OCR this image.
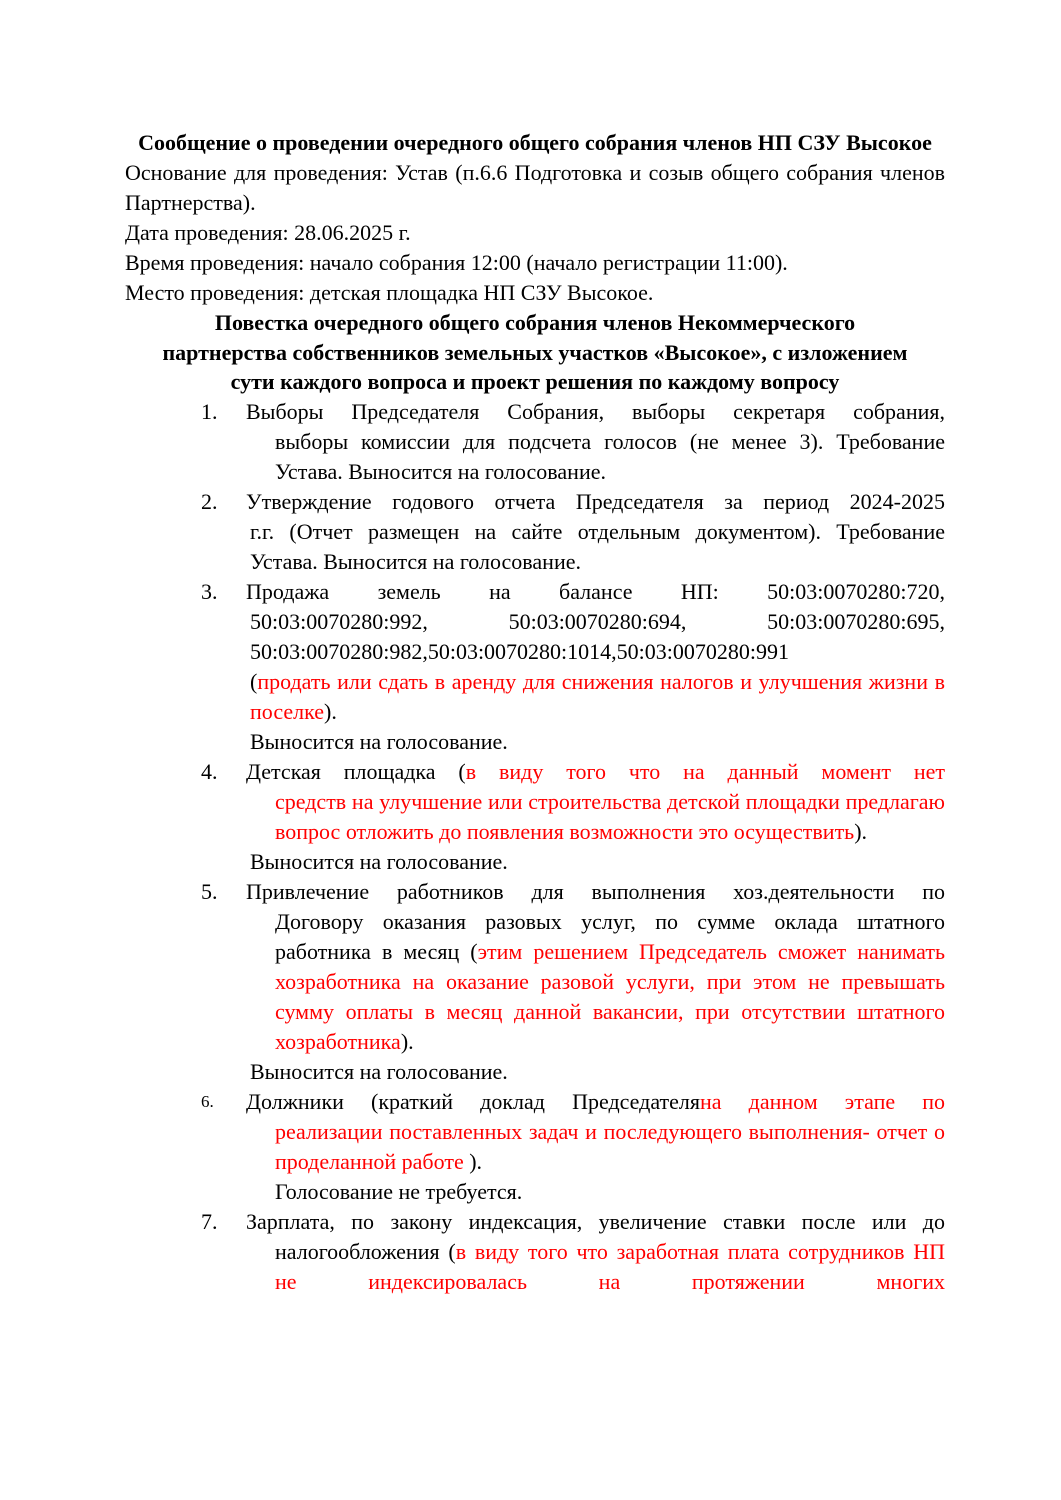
Сообщение о проведении очередного общего собрания членов НП СЗУ Высокое

Основание для проведения: Устав (п.6.6 Подготовка и созыв общего собрания членов Партнерства).

Дата проведения: 28.06.2025 г.

Время проведения: начало собрания 12:00 (начало регистрации 11:00).

Место проведения: детская площадка НП СЗУ Высокое.

Повестка очередного общего собрания членов Некоммерческого партнерства собственников земельных участков «Высокое», с изложением сути каждого вопроса и проект решения по каждому вопросу

1. Выборы Председателя Собрания, выборы секретаря собрания,
выборы комиссии для подсчета голосов (не менее 3). Требование Устава. Выносится на голосование.
2. Утверждение годового отчета Председателя за период 2024-2025
г.г. (Отчет размещен на сайте отдельным документом). Требование Устава. Выносится на голосование.
3. Продажа земель на балансе НП: 50:03:0070280:720,
50:03:0070280:992, 50:03:0070280:694, 50:03:0070280:695,
50:03:0070280:982,50:03:0070280:1014,50:03:0070280:991
(продать или сдать в аренду для снижения налогов и улучшения жизни в поселке).
Выносится на голосование.
4. Детская площадка (в виду того что на данный момент нет
средств на улучшение или строительства детской площадки предлагаю вопрос отложить до появления возможности это осуществить).
Выносится на голосование.
5. Привлечение работников для выполнения хоз.деятельности по
Договору оказания разовых услуг, по сумме оклада штатного работника в месяц (этим решением Председатель сможет нанимать хозработника на оказание разовой услуги, при этом не превышать сумму оплаты в месяц данной вакансии, при отсутствии штатного хозработника).
Выносится на голосование.
6. Должники (краткий доклад Председателяна данном этапе по
реализации поставленных задач и последующего выполнения- отчет о проделанной работе ).
Голосование не требуется.
7. Зарплата, по закону индексация, увеличение ставки после или до
налогообложения (в виду того что заработная плата сотрудников НП не индексировалась на протяжении многих
